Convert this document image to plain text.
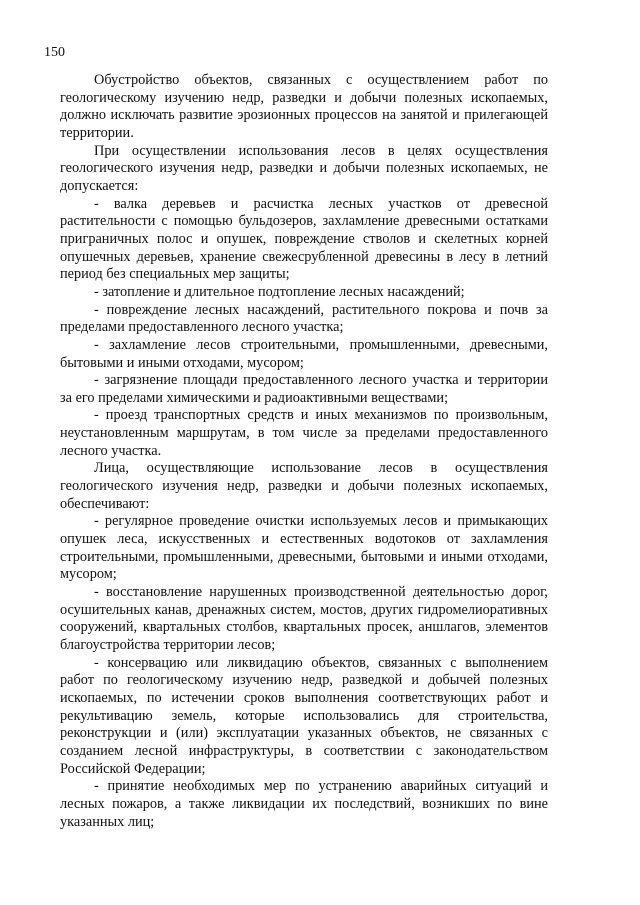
150

Обустройство объектов, связанных с осуществлением работ по геологическому изучению недр, разведки и добычи полезных ископаемых, должно исключать развитие эрозионных процессов на занятой и прилегающей территории.

При осуществлении использования лесов в целях осуществления геологического изучения недр, разведки и добычи полезных ископаемых, не допускается:

- валка деревьев и расчистка лесных участков от древесной растительности с помощью бульдозеров, захламление древесными остатками приграничных полос и опушек, повреждение стволов и скелетных корней опушечных деревьев, хранение свежесрубленной древесины в лесу в летний период без специальных мер защиты;

- затопление и длительное подтопление лесных насаждений;

- повреждение лесных насаждений, растительного покрова и почв за пределами предоставленного лесного участка;

- захламление лесов строительными, промышленными, древесными, бытовыми и иными отходами, мусором;

- загрязнение площади предоставленного лесного участка и территории за его пределами химическими и радиоактивными веществами;

- проезд транспортных средств и иных механизмов по произвольным, неустановленным маршрутам, в том числе за пределами предоставленного лесного участка.

Лица, осуществляющие использование лесов в осуществления геологического изучения недр, разведки и добычи полезных ископаемых, обеспечивают:

- регулярное проведение очистки используемых лесов и примыкающих опушек леса, искусственных и естественных водотоков от захламления строительными, промышленными, древесными, бытовыми и иными отходами, мусором;

- восстановление нарушенных производственной деятельностью дорог, осушительных канав, дренажных систем, мостов, других гидромелиоративных сооружений, квартальных столбов, квартальных просек, аншлагов, элементов благоустройства территории лесов;

- консервацию или ликвидацию объектов, связанных с выполнением работ по геологическому изучению недр, разведкой и добычей полезных ископаемых, по истечении сроков выполнения соответствующих работ и рекультивацию земель, которые использовались для строительства, реконструкции и (или) эксплуатации указанных объектов, не связанных с созданием лесной инфраструктуры, в соответствии с законодательством Российской Федерации;

- принятие необходимых мер по устранению аварийных ситуаций и лесных пожаров, а также ликвидации их последствий, возникших по вине указанных лиц;
